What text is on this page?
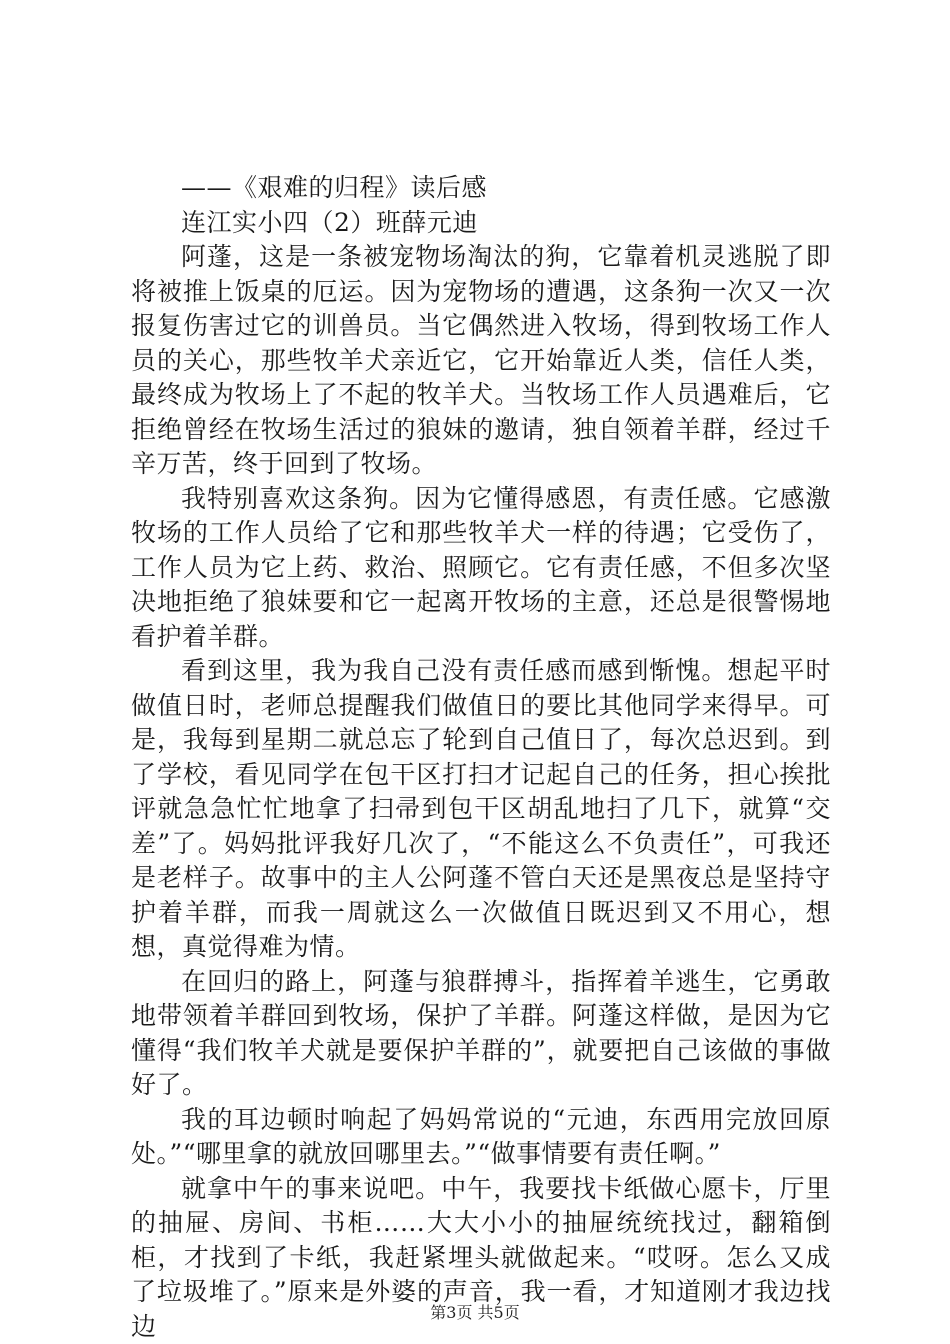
——《艰难的归程》读后感

连江实小四（2）班薛元迪

阿蓬，这是一条被宠物场淘汰的狗，它靠着机灵逃脱了即将被推上饭桌的厄运。因为宠物场的遭遇，这条狗一次又一次报复伤害过它的训兽员。当它偶然进入牧场，得到牧场工作人员的关心，那些牧羊犬亲近它，它开始靠近人类，信任人类，最终成为牧场上了不起的牧羊犬。当牧场工作人员遇难后，它拒绝曾经在牧场生活过的狼妹的邀请，独自领着羊群，经过千辛万苦，终于回到了牧场。

我特别喜欢这条狗。因为它懂得感恩，有责任感。它感激牧场的工作人员给了它和那些牧羊犬一样的待遇；它受伤了，工作人员为它上药、救治、照顾它。它有责任感，不但多次坚决地拒绝了狼妹要和它一起离开牧场的主意，还总是很警惕地看护着羊群。

看到这里，我为我自己没有责任感而感到惭愧。想起平时做值日时，老师总提醒我们做值日的要比其他同学来得早。可是，我每到星期二就总忘了轮到自己值日了，每次总迟到。到了学校，看见同学在包干区打扫才记起自己的任务，担心挨批评就急急忙忙地拿了扫帚到包干区胡乱地扫了几下，就算“交差”了。妈妈批评我好几次了，“不能这么不负责任”，可我还是老样子。故事中的主人公阿蓬不管白天还是黑夜总是坚持守护着羊群，而我一周就这么一次做值日既迟到又不用心，想想，真觉得难为情。

在回归的路上，阿蓬与狼群搏斗，指挥着羊逃生，它勇敢地带领着羊群回到牧场，保护了羊群。阿蓬这样做，是因为它懂得“我们牧羊犬就是要保护羊群的”，就要把自己该做的事做好了。

我的耳边顿时响起了妈妈常说的“元迪，东西用完放回原处。”“哪里拿的就放回哪里去。”“做事情要有责任啊。”

就拿中午的事来说吧。中午，我要找卡纸做心愿卡，厅里的抽屉、房间、书柜……大大小小的抽屉统统找过，翻箱倒柜，才找到了卡纸，我赶紧埋头就做起来。“哎呀。怎么又成了垃圾堆了。”原来是外婆的声音，我一看，才知道刚才我边找边	第3页 共5页
